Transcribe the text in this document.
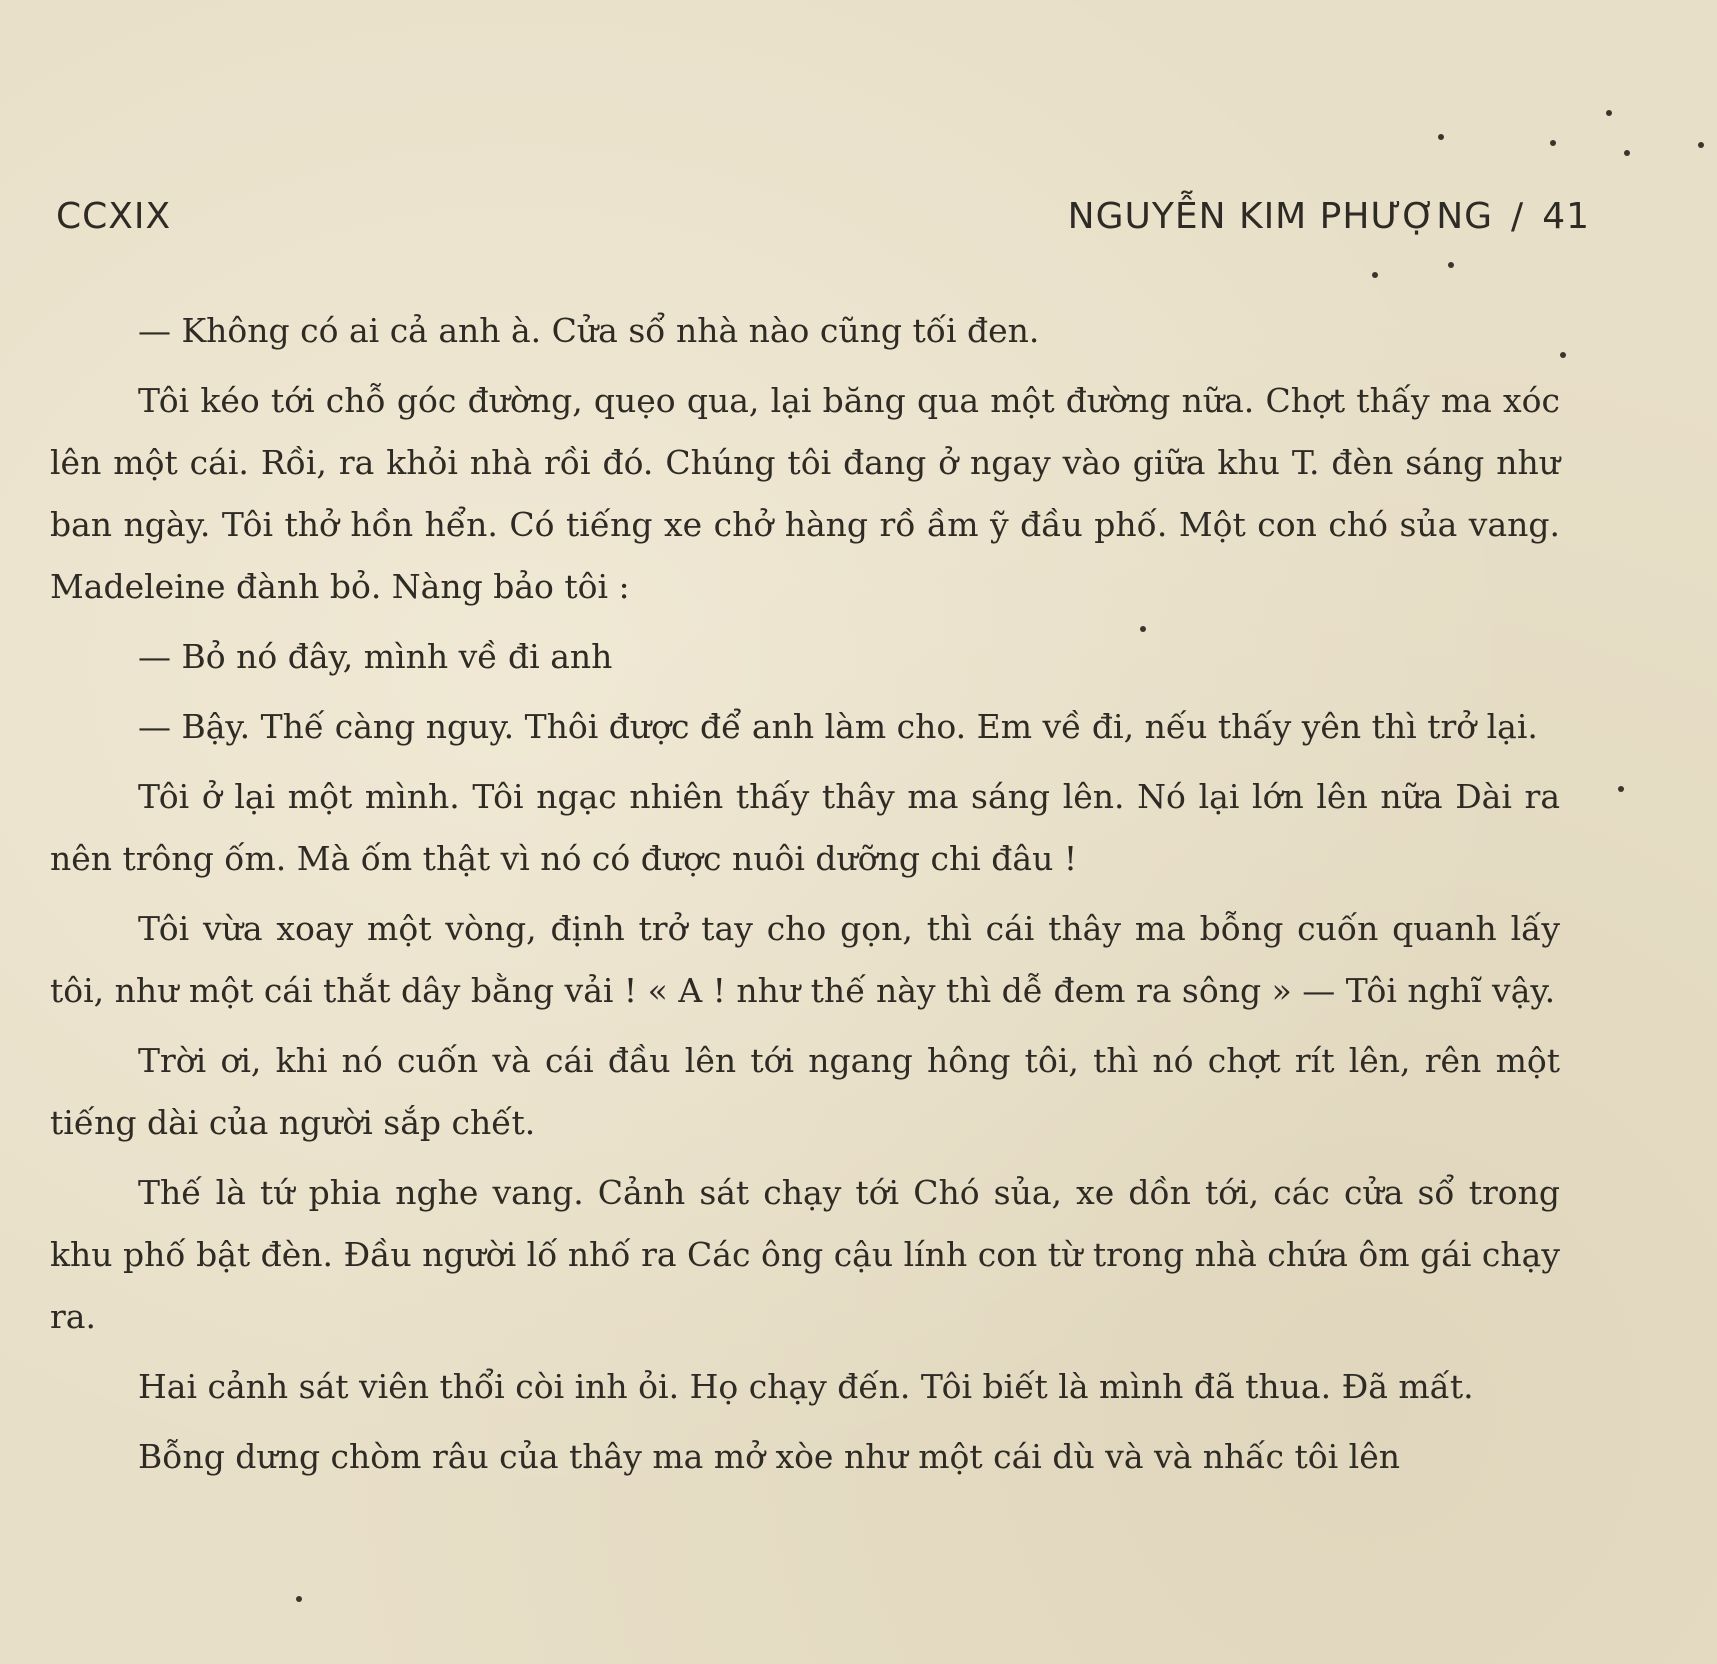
CCXIX	NGUYỄN KIM PHƯỢNG / 41

— Không có ai cả anh à. Cửa sổ nhà nào cũng tối đen.

Tôi kéo tới chỗ góc đường, quẹo qua, lại băng qua một đường nữa. Chợt thấy ma xóc lên một cái. Rồi, ra khỏi nhà rồi đó. Chúng tôi đang ở ngay vào giữa khu T. đèn sáng như ban ngày. Tôi thở hồn hển. Có tiếng xe chở hàng rồ ầm ỹ đầu phố. Một con chó sủa vang. Madeleine đành bỏ. Nàng bảo tôi :

— Bỏ nó đây, mình về đi anh

— Bậy. Thế càng nguy. Thôi được để anh làm cho. Em về đi, nếu thấy yên thì trở lại.

Tôi ở lại một mình. Tôi ngạc nhiên thấy thây ma sáng lên. Nó lại lớn lên nữa Dài ra nên trông ốm. Mà ốm thật vì nó có được nuôi dưỡng chi đâu !

Tôi vừa xoay một vòng, định trở tay cho gọn, thì cái thây ma bỗng cuốn quanh lấy tôi, như một cái thắt dây bằng vải ! « A ! như thế này thì dễ đem ra sông » — Tôi nghĩ vậy.

Trời ơi, khi nó cuốn và cái đầu lên tới ngang hông tôi, thì nó chợt rít lên, rên một tiếng dài của người sắp chết.

Thế là tứ phia nghe vang. Cảnh sát chạy tới Chó sủa, xe dồn tới, các cửa sổ trong khu phố bật đèn. Đầu người lố nhố ra Các ông cậu lính con từ trong nhà chứa ôm gái chạy ra.

Hai cảnh sát viên thổi còi inh ỏi. Họ chạy đến. Tôi biết là mình đã thua. Đã mất.

Bỗng dưng chòm râu của thây ma mở xòe như một cái dù và và nhấc tôi lên
